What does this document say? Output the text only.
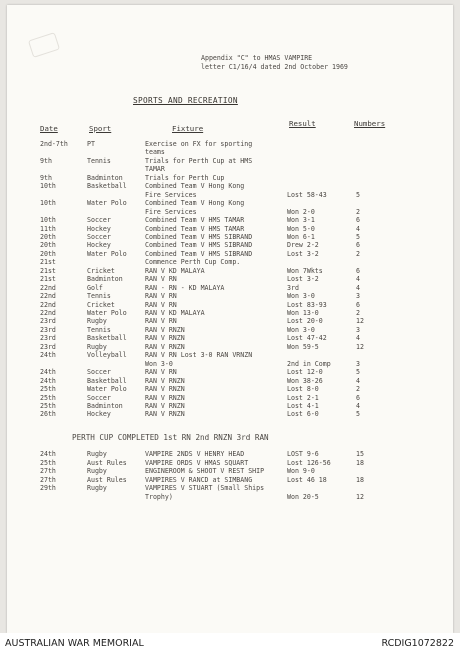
Appendix "C" to HMAS VAMPIRE
letter C1/16/4 dated 2nd October 1969
SPORTS AND RECREATION
Date	Sport	Fixture
Result	Numbers
2nd-7th	PT	Exercise on FX for sporting
teams
9th	Tennis	Trials for Perth Cup at HMS
TAMAR
9th	Badminton	Trials for Perth Cup
10th	Basketball	Combined Team V Hong Kong
Fire Services	Lost 58-43	5
10th	Water Polo	Combined Team V Hong Kong
Fire Services	Won 2-0	2
10th	Soccer	Combined Team V HMS TAMAR	Won 3-1	6
11th	Hockey	Combined Team V HMS TAMAR	Won 5-0	4
20th	Soccer	Combined Team V HMS SIBRAND	Won 6-1	5
20th	Hockey	Combined Team V HMS SIBRAND	Drew 2-2	6
20th	Water Polo	Combined Team V HMS SIBRAND	Lost 3-2	2
21st	Commence Perth Cup Comp.
21st	Cricket	RAN V KD MALAYA	Won 7Wkts	6
21st	Badminton	RAN V RN	Lost 3-2	4
22nd	Golf	RAN - RN - KD MALAYA	3rd	4
22nd	Tennis	RAN V RN	Won 3-0	3
22nd	Cricket	RAN V RN	Lost 83-93	6
22nd	Water Polo	RAN V KD MALAYA	Won 13-0	2
23rd	Rugby	RAN V RN	Lost 20-0	12
23rd	Tennis	RAN V RNZN	Won 3-0	3
23rd	Basketball	RAN V RNZN	Lost 47-42	4
23rd	Rugby	RAN V RNZN	Won 59-5	12
24th	Volleyball	RAN V RN Lost 3-0 RAN VRNZN
Won 3-0	2nd in Comp	3
24th	Soccer	RAN V RN	Lost 12-0	5
24th	Basketball	RAN V RNZN	Won 38-26	4
25th	Water Polo	RAN V RNZN	Lost 8-0	2
25th	Soccer	RAN V RNZN	Lost 2-1	6
25th	Badminton	RAN V RNZN	Lost 4-1	4
26th	Hockey	RAN V RNZN	Lost 6-0	5
PERTH CUP COMPLETED 1st RN 2nd RNZN 3rd RAN
24th	Rugby	VAMPIRE 2NDS V HENRY HEAD	LOST 9-6	15
25th	Aust Rules	VAMPIRE ORDS V HMAS SQUART	Lost 126-56	18
27th	Rugby	ENGINEROOM & SHOOT V REST SHIP	Won 9-0
27th	Aust Rules	VAMPIRES V RANCD at SIMBANG	Lost 46 18	18
29th	Rugby	VAMPIRES V STUART (Small Ships
Trophy)	Won 20-5	12
AUSTRALIAN WAR MEMORIAL	RCDIG1072822
